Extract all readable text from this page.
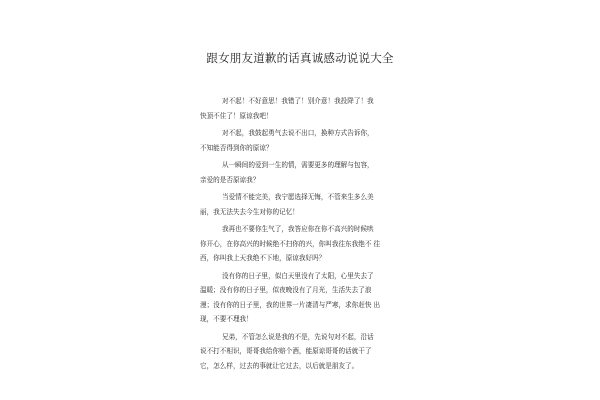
跟女朋友道歉的话真诚感动说说大全
对不起！不好意思！我错了！别介意！我投降了！我
快顶不住了！原谅我吧！
对不起，我鼓起勇气去说不出口，换种方式告诉你，
不知能否得到你的原谅？
从一瞬间的爱到一生的情，需要更多的理解与包容，
亲爱的是否原谅我？
当爱情不能完美，我宁愿选择无悔，不管来生多么美
丽，我无法失去今生对你的记忆！
我再也不要你生气了，我答应你在你不高兴的时候哄
你开心，在你高兴的时候绝不扫你的兴，你叫我往东我绝不 往
西，你叫我上天我绝不下地，原谅我好吗？
没有你的日子里，似白天里没有了太阳，心里失去了
温暖；没有你的日子里，似夜晚没有了月光，生活失去了浪
漫；没有你的日子里，我的世界一片凄清与严寒，求你赶快 出
现，不要不理我！
兄弟，不管怎么说是我的不是，先说句对不起，沿话
说不打不相识，哥哥我给你赔个酒，能原谅哥哥的话就干了
它，怎么样，过去的事就让它过去，以后就是朋友了。
